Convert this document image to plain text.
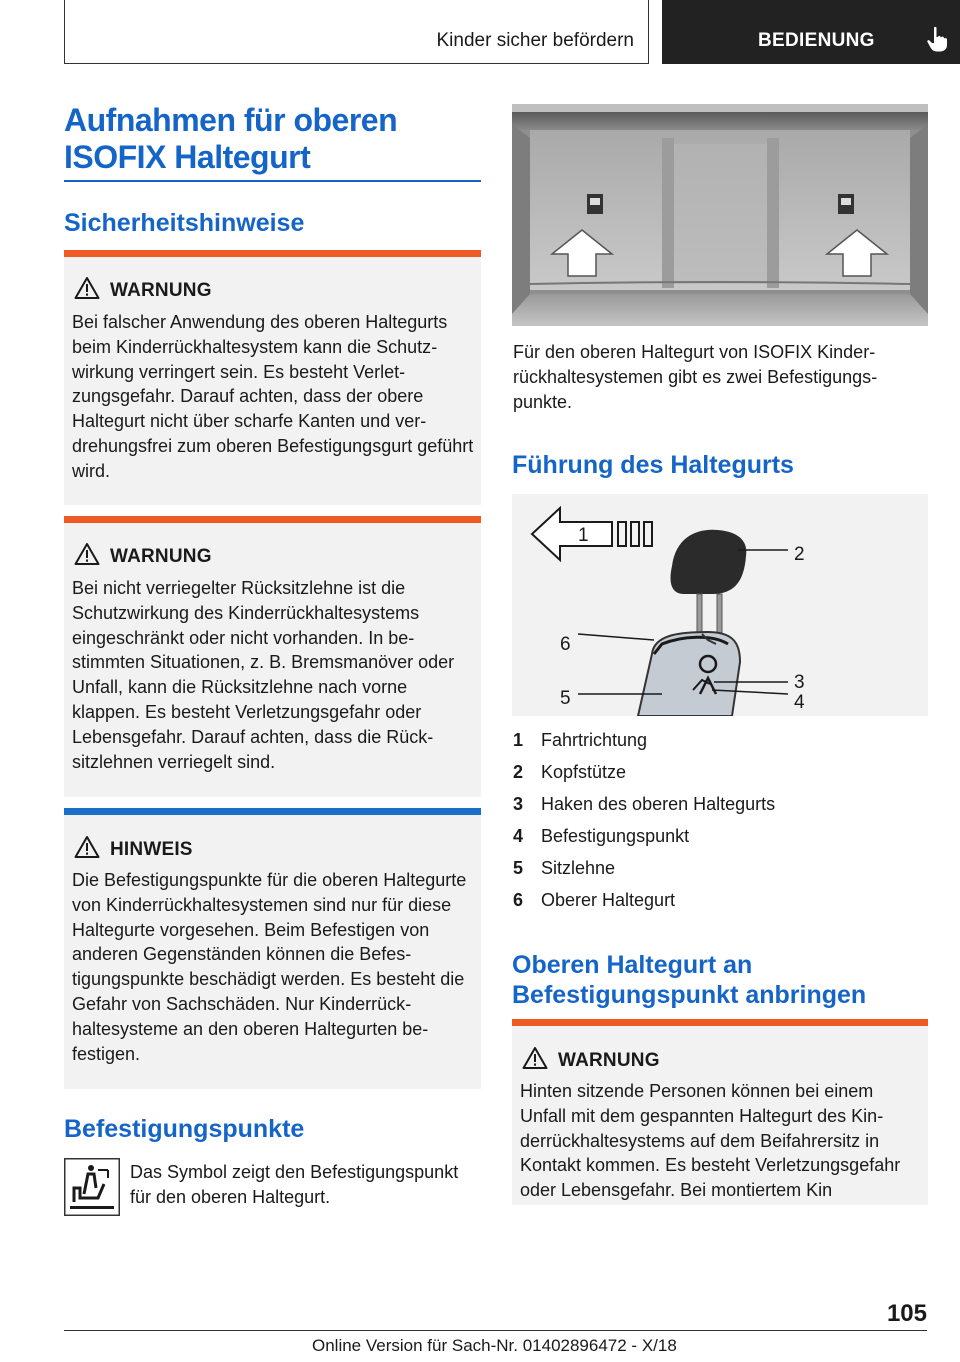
Kinder sicher befördern	BEDIENUNG
Aufnahmen für oberen ISOFIX Haltegurt
Sicherheitshinweise
WARNUNG

Bei falscher Anwendung des oberen Haltegurts beim Kinderrückhaltesystem kann die Schutzwirkung verringert sein. Es besteht Verletzungsgefahr. Darauf achten, dass der obere Haltegurt nicht über scharfe Kanten und verdrehungsfrei zum oberen Befestigungsgurt geführt wird.

WARNUNG

Bei nicht verriegelter Rücksitzlehne ist die Schutzwirkung des Kinderrückhaltesystems eingeschränkt oder nicht vorhanden. In bestimmten Situationen, z. B. Bremsmanöver oder Unfall, kann die Rücksitzlehne nach vorne klappen. Es besteht Verletzungsgefahr oder Lebensgefahr. Darauf achten, dass die Rücksitzlehnen verriegelt sind.

HINWEIS

Die Befestigungspunkte für die oberen Haltegurte von Kinderrückhaltesystemen sind nur für diese Haltegurte vorgesehen. Beim Befestigen von anderen Gegenständen können die Befestigungspunkte beschädigt werden. Es besteht die Gefahr von Sachschäden. Nur Kinderrückhaltesysteme an den oberen Haltegurten befestigen.

Befestigungspunkte

Das Symbol zeigt den Befestigungspunkt für den oberen Haltegurt.

Für den oberen Haltegurt von ISOFIX Kinderrückhaltesystemen gibt es zwei Befestigungspunkte.

Führung des Haltegurts
1
2
6
3
4
5
1 Fahrtrichtung
2 Kopfstütze
3 Haken des oberen Haltegurts
4 Befestigungspunkt
5 Sitzlehne
6 Oberer Haltegurt
Oberen Haltegurt an Befestigungspunkt anbringen
WARNUNG

Hinten sitzende Personen können bei einem Unfall mit dem gespannten Haltegurt des Kinderrückhaltesystems auf dem Beifahrersitz in Kontakt kommen. Es besteht Verletzungsgefahr oder Lebensgefahr. Bei montiertem Kin

105
Online Version für Sach-Nr. 01402896472 - X/18
